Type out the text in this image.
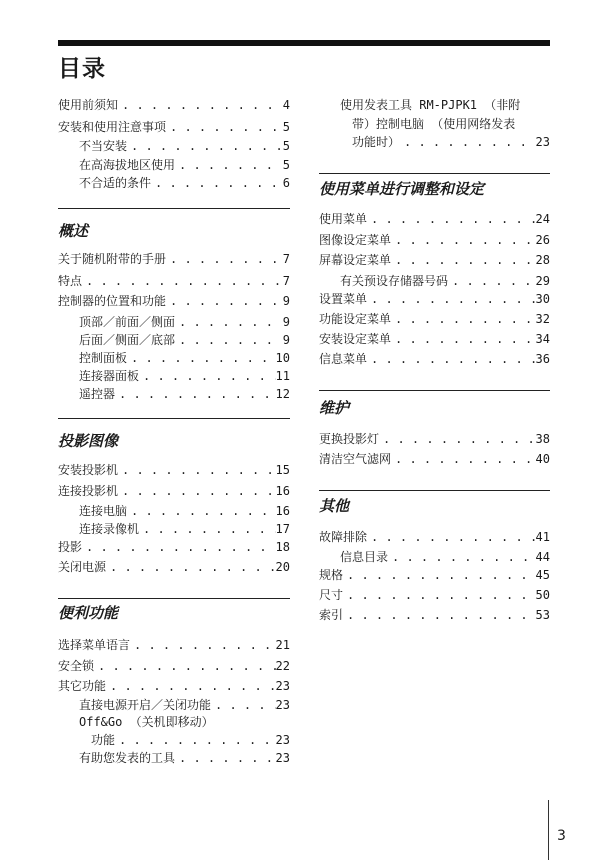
目录
使用前须知 . . .	4
安装和使用注意事项 . . .	5
不当安装 . . .	5
在高海拔地区使用 . . .	5
不合适的条件 . . .	6
概述
关于随机附带的手册 . . .	7
特点 . . .	7
控制器的位置和功能 . . .	9
顶部／前面／侧面 . . .	9
后面／侧面／底部 . . .	9
控制面板 . . .	10
连接器面板 . . .	11
遥控器 . . .	12
投影图像
安装投影机 . . .	15
连接投影机 . . .	16
连接电脑 . . .	16
连接录像机 . . .	17
投影 . . .	18
关闭电源 . . .	20
便利功能
选择菜单语言 . . .	21
安全锁 . . .	22
其它功能 . . .	23
直接电源开启／关闭功能 . . .	23
Off&Go （关机即移动）
功能 . . .	23
有助您发表的工具 . . .	23
使用发表工具 RM-PJPK1 （非附
带）控制电脑 （使用网络发表
功能时） . . .	23
使用菜单进行调整和设定
使用菜单 . . .	24
图像设定菜单 . . .	26
屏幕设定菜单 . . .	28
有关预设存储器号码 . . .	29
设置菜单 . . .	30
功能设定菜单 . . .	32
安装设定菜单 . . .	34
信息菜单 . . .	36
维护
更换投影灯 . . .	38
清洁空气滤网 . . .	40
其他
故障排除 . . .	41
信息目录 . . .	44
规格 . . .	45
尺寸 . . .	50
索引 . . .	53
3
